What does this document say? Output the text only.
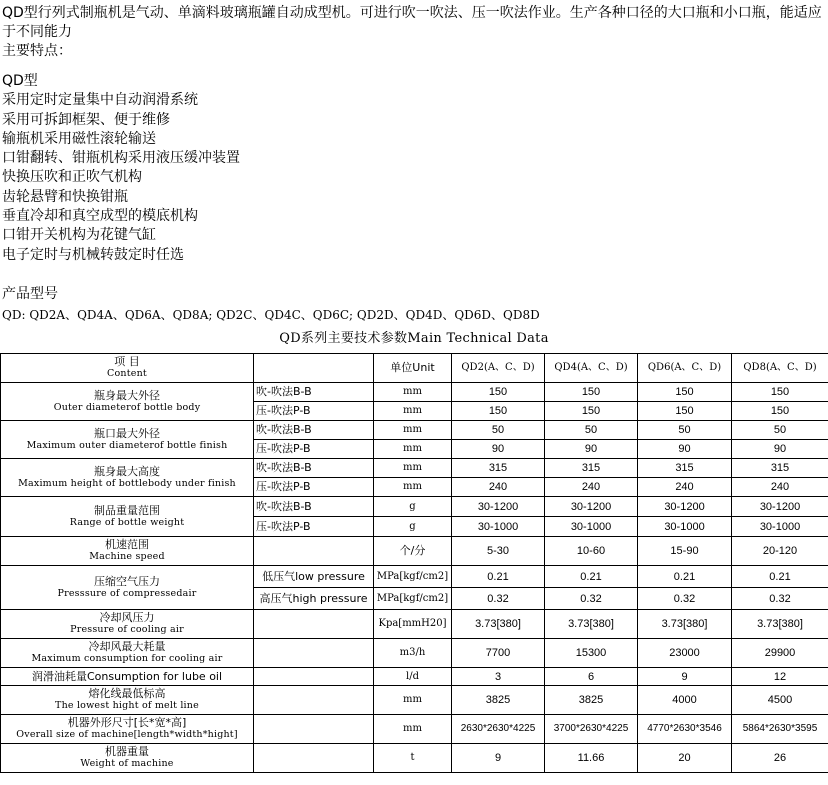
QD型行列式制瓶机是气动、单滴料玻璃瓶罐自动成型机。可进行吹一吹法、压一吹法作业。生产各种口径的大口瓶和小口瓶，能适应于不同能力

主要特点：

QD型
采用定时定量集中自动润滑系统
采用可拆卸框架、便于维修
输瓶机采用磁性滚轮输送
口钳翻转、钳瓶机构采用液压缓冲装置
快换压吹和正吹气机构
齿轮悬臂和快换钳瓶
垂直冷却和真空成型的模底机构
口钳开关机构为花键气缸
电子定时与机械转鼓定时任选
产品型号
QD: QD2A、QD4A、QD6A、QD8A; QD2C、QD4C、QD6C; QD2D、QD4D、QD6D、QD8D
QD系列主要技术参数Main Technical Data
项 目
Content		单位Unit	QD2(A、C、D)	QD4(A、C、D)	QD6(A、C、D)	QD8(A、C、D)

瓶身最大外径
Outer diameterof bottle body	吹-吹法B-B	mm	150	150	150	150
	压-吹法P-B	mm	150	150	150	150

瓶口最大外径
Maximum outer diameterof bottle finish	吹-吹法B-B	mm	50	50	50	50
	压-吹法P-B	mm	90	90	90	90

瓶身最大高度
Maximum height of bottlebody under finish	吹-吹法B-B	mm	315	315	315	315
	压-吹法P-B	mm	240	240	240	240

制品重量范围
Range of bottle weight	吹-吹法B-B	g	30-1200	30-1200	30-1200	30-1200
	压-吹法P-B	g	30-1000	30-1000	30-1000	30-1000

机速范围
Machine speed		个/分	5-30	10-60	15-90	20-120

压缩空气压力
Presssure of compressedair	低压气low pressure	MPa[kgf/cm2]	0.21	0.21	0.21	0.21
	高压气high pressure	MPa[kgf/cm2]	0.32	0.32	0.32	0.32

冷却风压力
Pressure of cooling air		Kpa[mmH20]	3.73[380]	3.73[380]	3.73[380]	3.73[380]

冷却风最大耗量
Maximum consumption for cooling air		m3/h	7700	15300	23000	29900
润滑油耗量Consumption for lube oil		l/d	3	6	9	12

熔化线最低标高
The lowest hight of melt line		mm	3825	3825	4000	4500

机器外形尺寸[长*宽*高]
Overall size of machine[length*width*hight]		mm	2630*2630*4225	3700*2630*4225	4770*2630*3546	5864*2630*3595

机器重量
Weight of machine		t	9	11.66	20	26
